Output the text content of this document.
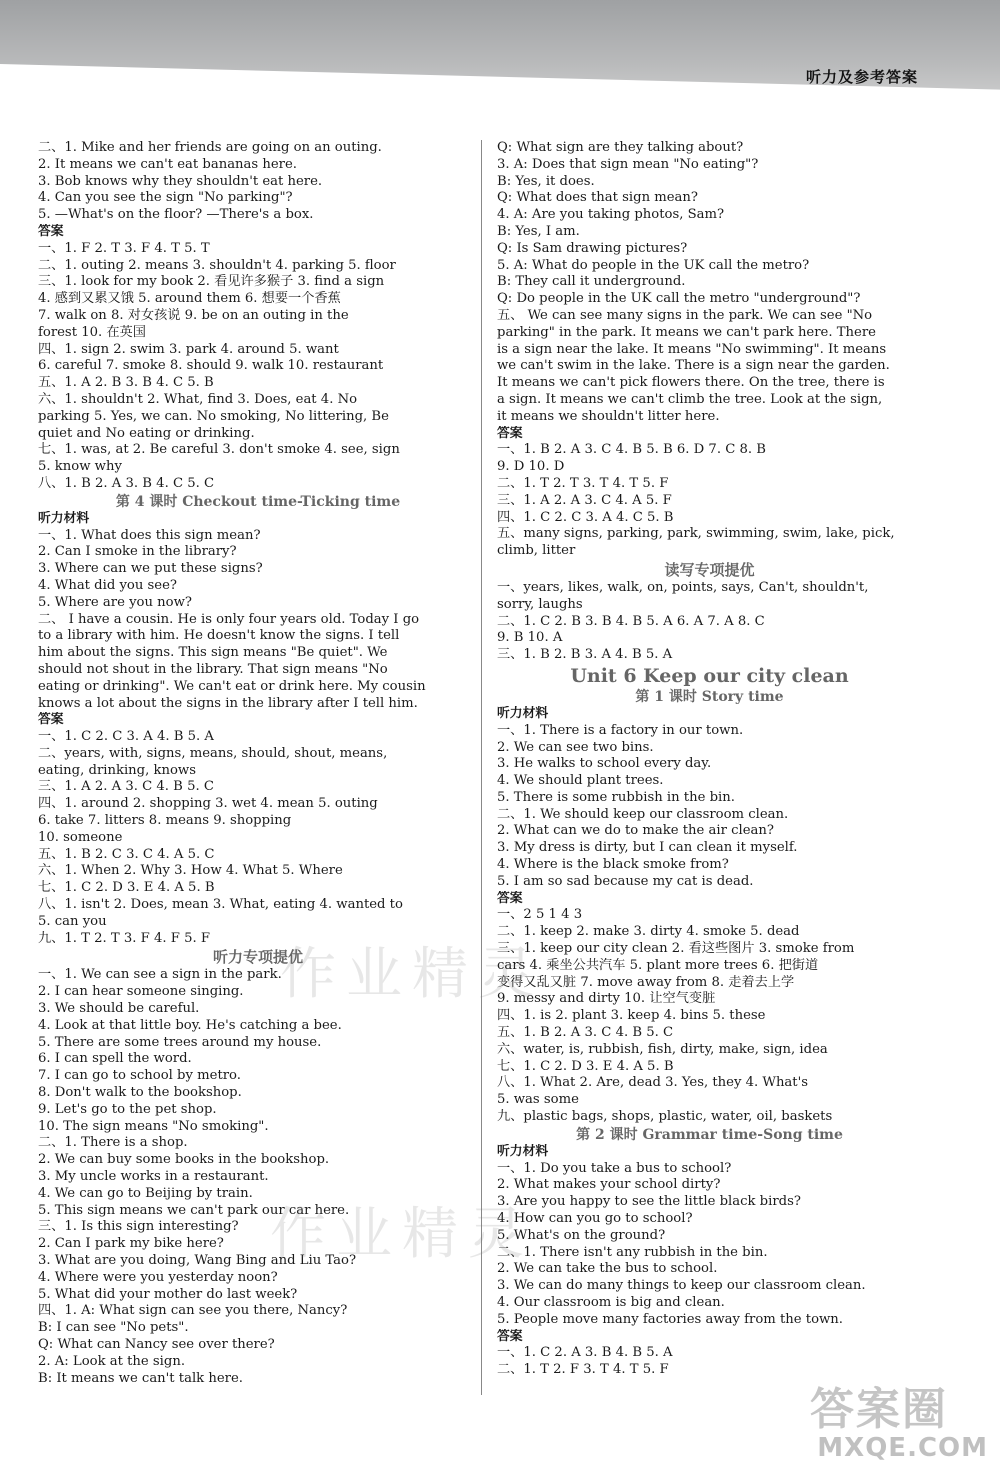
听力及参考答案
二、1. Mike and her friends are going on an outing.
2. It means we can't eat bananas here.
3. Bob knows why they shouldn't eat here.
4. Can you see the sign "No parking"?
5. —What's on the floor? —There's a box.
答案
一、1. F 2. T 3. F 4. T 5. T
二、1. outing 2. means 3. shouldn't 4. parking 5. floor
三、1. look for my book 2. 看见许多猴子 3. find a sign
4. 感到又累又饿 5. around them 6. 想要一个香蕉
7. walk on 8. 对女孩说 9. be on an outing in the
forest 10. 在英国
四、1. sign 2. swim 3. park 4. around 5. want
6. careful 7. smoke 8. should 9. walk 10. restaurant
五、1. A 2. B 3. B 4. C 5. B
六、1. shouldn't 2. What, find 3. Does, eat 4. No
parking 5. Yes, we can. No smoking, No littering, Be
quiet and No eating or drinking.
七、1. was, at 2. Be careful 3. don't smoke 4. see, sign
5. know why
八、1. B 2. A 3. B 4. C 5. C
第 4 课时 Checkout time-Ticking time
听力材料
一、1. What does this sign mean?
2. Can I smoke in the library?
3. Where can we put these signs?
4. What did you see?
5. Where are you now?
二、 I have a cousin. He is only four years old. Today I go
to a library with him. He doesn't know the signs. I tell
him about the signs. This sign means "Be quiet". We
should not shout in the library. That sign means "No
eating or drinking". We can't eat or drink here. My cousin
knows a lot about the signs in the library after I tell him.
答案
一、1. C 2. C 3. A 4. B 5. A
二、years, with, signs, means, should, shout, means,
eating, drinking, knows
三、1. A 2. A 3. C 4. B 5. C
四、1. around 2. shopping 3. wet 4. mean 5. outing
6. take 7. litters 8. means 9. shopping
10. someone
五、1. B 2. C 3. C 4. A 5. C
六、1. When 2. Why 3. How 4. What 5. Where
七、1. C 2. D 3. E 4. A 5. B
八、1. isn't 2. Does, mean 3. What, eating 4. wanted to
5. can you
九、1. T 2. T 3. F 4. F 5. F
听力专项提优
一、1. We can see a sign in the park.
2. I can hear someone singing.
3. We should be careful.
4. Look at that little boy. He's catching a bee.
5. There are some trees around my house.
6. I can spell the word.
7. I can go to school by metro.
8. Don't walk to the bookshop.
9. Let's go to the pet shop.
10. The sign means "No smoking".
二、1. There is a shop.
2. We can buy some books in the bookshop.
3. My uncle works in a restaurant.
4. We can go to Beijing by train.
5. This sign means we can't park our car here.
三、1. Is this sign interesting?
2. Can I park my bike here?
3. What are you doing, Wang Bing and Liu Tao?
4. Where were you yesterday noon?
5. What did your mother do last week?
四、1. A: What sign can see you there, Nancy?
B: I can see "No pets".
Q: What can Nancy see over there?
2. A: Look at the sign.
B: It means we can't talk here.
Q: What sign are they talking about?
3. A: Does that sign mean "No eating"?
B: Yes, it does.
Q: What does that sign mean?
4. A: Are you taking photos, Sam?
B: Yes, I am.
Q: Is Sam drawing pictures?
5. A: What do people in the UK call the metro?
B: They call it underground.
Q: Do people in the UK call the metro "underground"?
五、 We can see many signs in the park. We can see "No
parking" in the park. It means we can't park here. There
is a sign near the lake. It means "No swimming". It means
we can't swim in the lake. There is a sign near the garden.
It means we can't pick flowers there. On the tree, there is
a sign. It means we can't climb the tree. Look at the sign,
it means we shouldn't litter here.
答案
一、1. B 2. A 3. C 4. B 5. B 6. D 7. C 8. B
9. D 10. D
二、1. T 2. T 3. T 4. T 5. F
三、1. A 2. A 3. C 4. A 5. F
四、1. C 2. C 3. A 4. C 5. B
五、many signs, parking, park, swimming, swim, lake, pick,
climb, litter
读写专项提优
一、years, likes, walk, on, points, says, Can't, shouldn't,
sorry, laughs
二、1. C 2. B 3. B 4. B 5. A 6. A 7. A 8. C
9. B 10. A
三、1. B 2. B 3. A 4. B 5. A
Unit 6 Keep our city clean
第 1 课时 Story time
听力材料
一、1. There is a factory in our town.
2. We can see two bins.
3. He walks to school every day.
4. We should plant trees.
5. There is some rubbish in the bin.
二、1. We should keep our classroom clean.
2. What can we do to make the air clean?
3. My dress is dirty, but I can clean it myself.
4. Where is the black smoke from?
5. I am so sad because my cat is dead.
答案
一、2 5 1 4 3
二、1. keep 2. make 3. dirty 4. smoke 5. dead
三、1. keep our city clean 2. 看这些图片 3. smoke from
cars 4. 乘坐公共汽车 5. plant more trees 6. 把街道
变得又乱又脏 7. move away from 8. 走着去上学
9. messy and dirty 10. 让空气变脏
四、1. is 2. plant 3. keep 4. bins 5. these
五、1. B 2. A 3. C 4. B 5. C
六、water, is, rubbish, fish, dirty, make, sign, idea
七、1. C 2. D 3. E 4. A 5. B
八、1. What 2. Are, dead 3. Yes, they 4. What's
5. was some
九、plastic bags, shops, plastic, water, oil, baskets
第 2 课时 Grammar time-Song time
听力材料
一、1. Do you take a bus to school?
2. What makes your school dirty?
3. Are you happy to see the little black birds?
4. How can you go to school?
5. What's on the ground?
二、1. There isn't any rubbish in the bin.
2. We can take the bus to school.
3. We can do many things to keep our classroom clean.
4. Our classroom is big and clean.
5. People move many factories away from the town.
答案
一、1. C 2. A 3. B 4. B 5. A
二、1. T 2. F 3. T 4. T 5. F
作业精灵
作业精灵
答案圈
MXQE.COM
